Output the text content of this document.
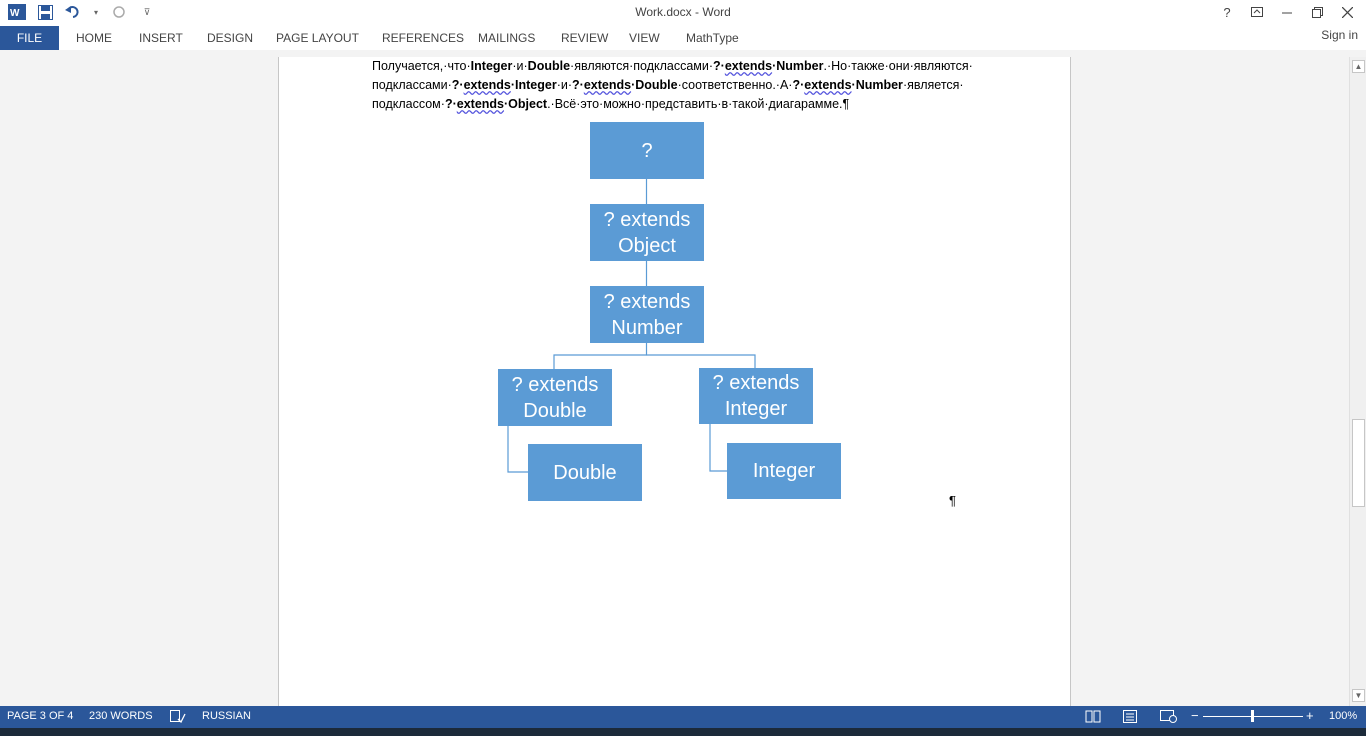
W	▾	⊽	Work.docx - Word	?
FILE	HOME INSERT DESIGN PAGE LAYOUT REFERENCES MAILINGS REVIEW VIEW MathType	Sign in
Получается,·что·Integer·и·Double·являются·подклассами·?·extends·Number.·Но·также·они·являются·
подклассами·?·extends·Integer·и·?·extends·Double·соответственно.·А·?·extends·Number·является·
подклассом·?·extends·Object.·Всё·это·можно·представить·в·такой·диагарамме.¶
?
? extends Object
? extends Number
? extends Double
? extends Integer
Double	Integer
¶
▲
▼
PAGE 3 OF 4 230 WORDS	RUSSIAN	−	+ 100%
